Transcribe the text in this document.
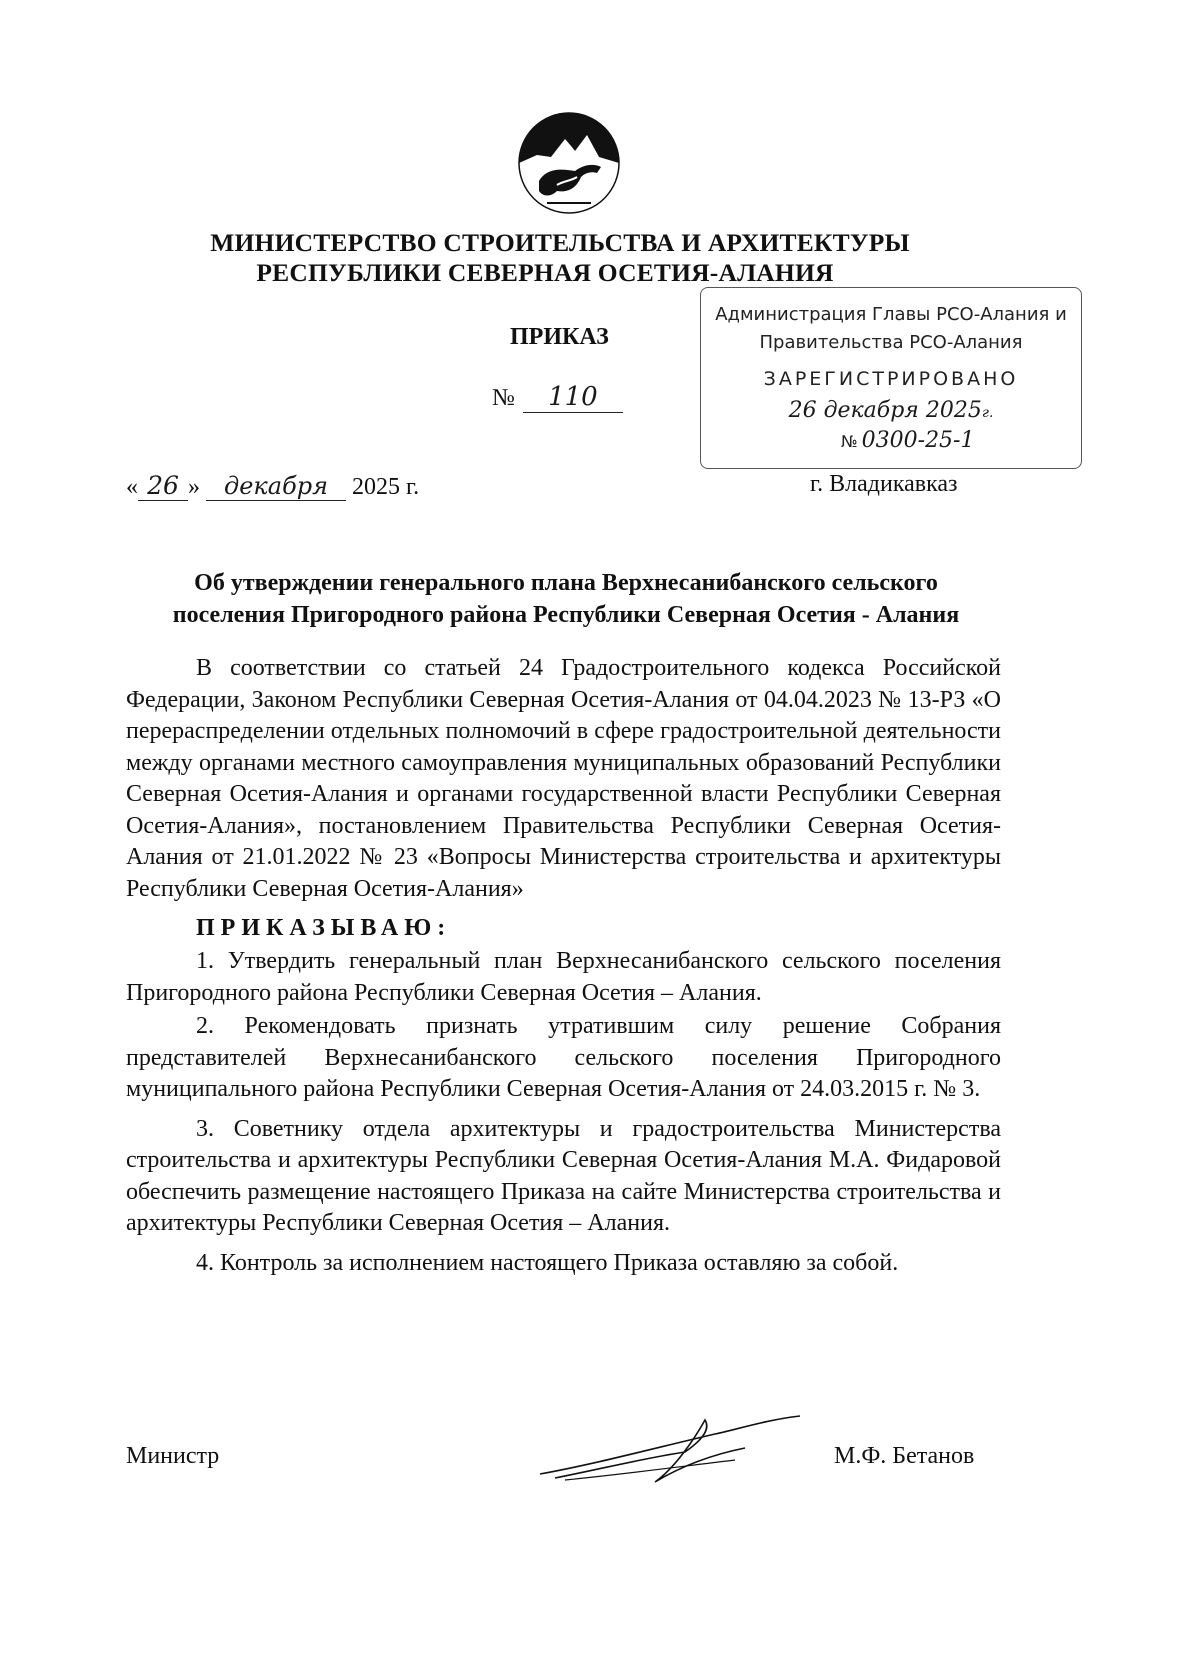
МИНИСТЕРСТВО СТРОИТЕЛЬСТВА И АРХИТЕКТУРЫ
РЕСПУБЛИКИ СЕВЕРНАЯ ОСЕТИЯ-АЛАНИЯ
Администрация Главы РСО-Алания и
Правительства РСО-Алания
ЗАРЕГИСТРИРОВАНО
26 декабря 2025г.
№ 0300-25-1
ПРИКАЗ
№ 110
« 26 » декабря 2025 г.	г. Владикавказ
Об утверждении генерального плана Верхнесанибанского сельского
поселения Пригородного района Республики Северная Осетия - Алания

В соответствии со статьей 24 Градостроительного кодекса Российской Федерации, Законом Республики Северная Осетия-Алания от 04.04.2023 № 13-РЗ «О перераспределении отдельных полномочий в сфере градостроительной деятельности между органами местного самоуправления муниципальных образований Республики Северная Осетия-Алания и органами государственной власти Республики Северная Осетия-Алания», постановлением Правительства Республики Северная Осетия-Алания от 21.01.2022 № 23 «Вопросы Министерства строительства и архитектуры Республики Северная Осетия-Алания»

ПРИКАЗЫВАЮ:

1. Утвердить генеральный план Верхнесанибанского сельского поселения Пригородного района Республики Северная Осетия – Алания.

2. Рекомендовать признать утратившим силу решение Собрания представителей Верхнесанибанского сельского поселения Пригородного муниципального района Республики Северная Осетия-Алания от 24.03.2015 г. № 3.

3. Советнику отдела архитектуры и градостроительства Министерства строительства и архитектуры Республики Северная Осетия-Алания М.А. Фидаровой обеспечить размещение настоящего Приказа на сайте Министерства строительства и архитектуры Республики Северная Осетия – Алания.

4. Контроль за исполнением настоящего Приказа оставляю за собой.

Министр	М.Ф. Бетанов
